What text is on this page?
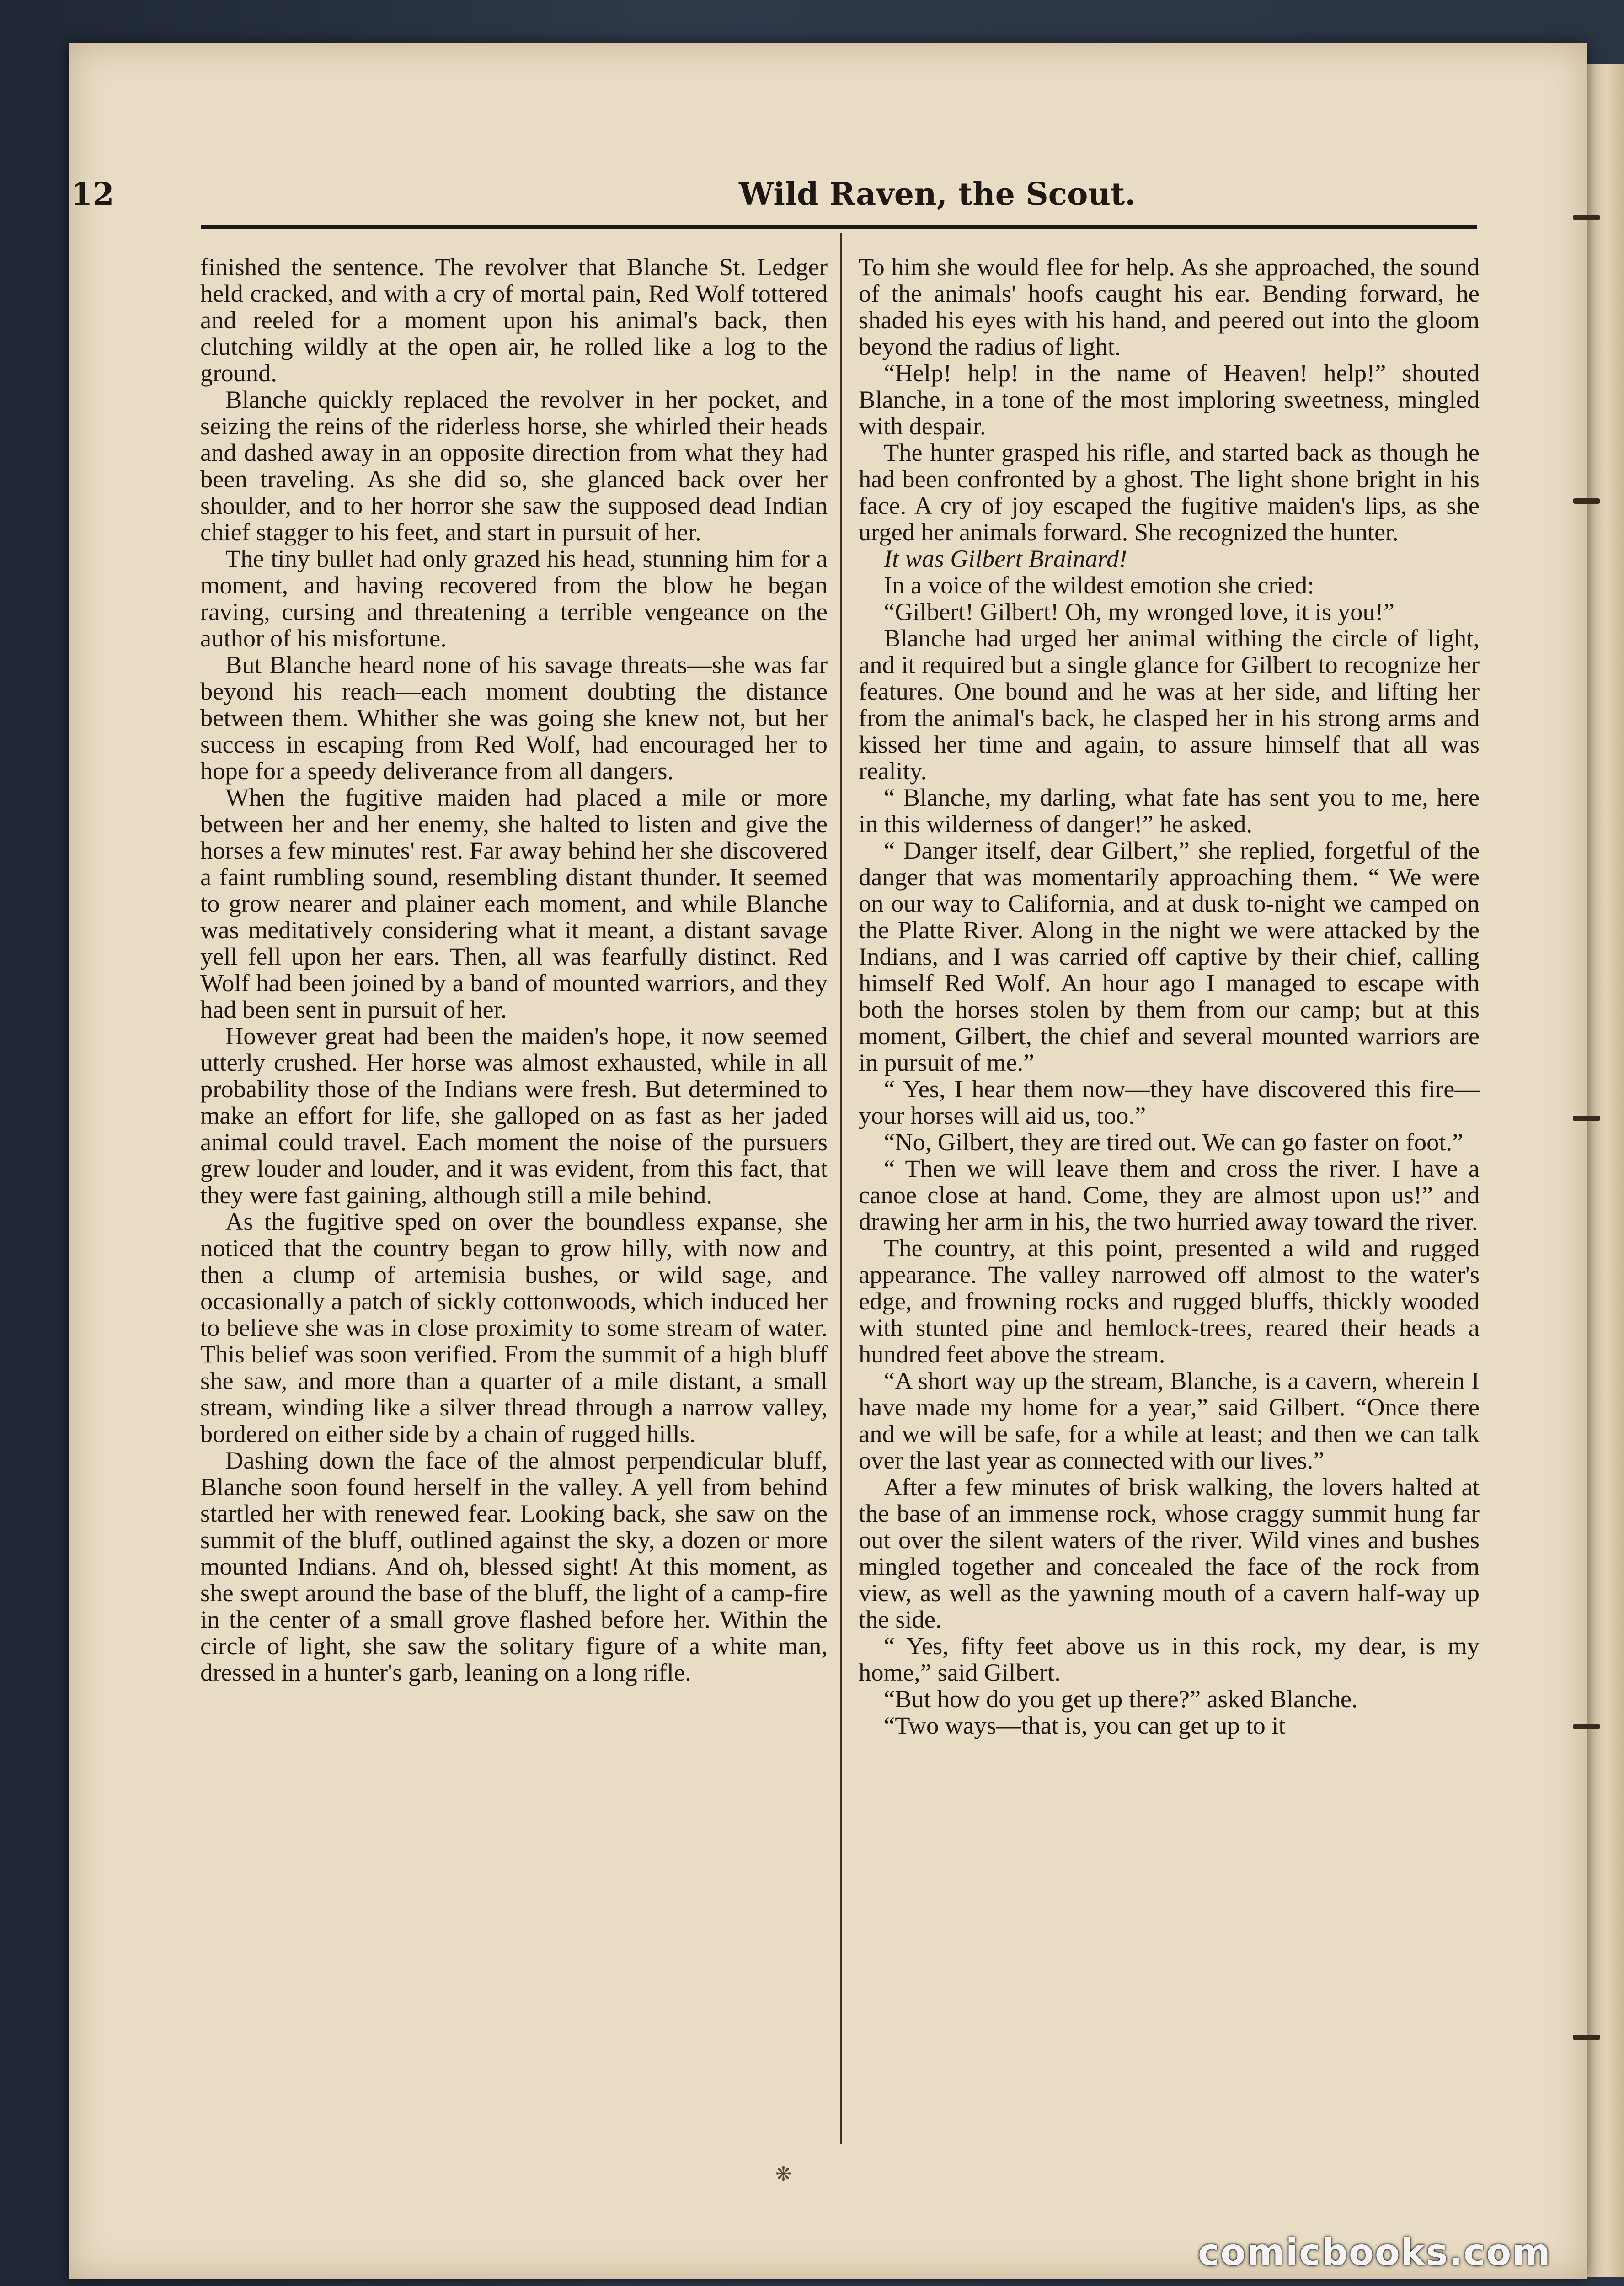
12	Wild Raven, the Scout.

finished the sentence. The revolver that Blanche St. Ledger held cracked, and with a cry of mortal pain, Red Wolf tottered and reeled for a moment upon his animal's back, then clutching wildly at the open air, he rolled like a log to the ground.

Blanche quickly replaced the revolver in her pocket, and seizing the reins of the riderless horse, she whirled their heads and dashed away in an opposite direction from what they had been traveling. As she did so, she glanced back over her shoulder, and to her horror she saw the supposed dead Indian chief stagger to his feet, and start in pursuit of her.

The tiny bullet had only grazed his head, stunning him for a moment, and having recovered from the blow he began raving, cursing and threatening a terrible vengeance on the author of his misfortune.

But Blanche heard none of his savage threats—she was far beyond his reach—each moment doubting the distance between them. Whither she was going she knew not, but her success in escaping from Red Wolf, had encouraged her to hope for a speedy deliverance from all dangers.

When the fugitive maiden had placed a mile or more between her and her enemy, she halted to listen and give the horses a few minutes' rest. Far away behind her she discovered a faint rumbling sound, resembling distant thunder. It seemed to grow nearer and plainer each moment, and while Blanche was meditatively considering what it meant, a distant savage yell fell upon her ears. Then, all was fearfully distinct. Red Wolf had been joined by a band of mounted warriors, and they had been sent in pursuit of her.

However great had been the maiden's hope, it now seemed utterly crushed. Her horse was almost exhausted, while in all probability those of the Indians were fresh. But determined to make an effort for life, she galloped on as fast as her jaded animal could travel. Each moment the noise of the pursuers grew louder and louder, and it was evident, from this fact, that they were fast gaining, although still a mile behind.

As the fugitive sped on over the boundless expanse, she noticed that the country began to grow hilly, with now and then a clump of artemisia bushes, or wild sage, and occasionally a patch of sickly cottonwoods, which induced her to believe she was in close proximity to some stream of water. This belief was soon verified. From the summit of a high bluff she saw, and more than a quarter of a mile distant, a small stream, winding like a silver thread through a narrow valley, bordered on either side by a chain of rugged hills.

Dashing down the face of the almost perpendicular bluff, Blanche soon found herself in the valley. A yell from behind startled her with renewed fear. Looking back, she saw on the summit of the bluff, outlined against the sky, a dozen or more mounted Indians. And oh, blessed sight! At this moment, as she swept around the base of the bluff, the light of a camp-fire in the center of a small grove flashed before her. Within the circle of light, she saw the solitary figure of a white man, dressed in a hunter's garb, leaning on a long rifle.

To him she would flee for help. As she approached, the sound of the animals' hoofs caught his ear. Bending forward, he shaded his eyes with his hand, and peered out into the gloom beyond the radius of light.

“Help! help! in the name of Heaven! help!” shouted Blanche, in a tone of the most imploring sweetness, mingled with despair.

The hunter grasped his rifle, and started back as though he had been confronted by a ghost. The light shone bright in his face. A cry of joy escaped the fugitive maiden's lips, as she urged her animals forward. She recognized the hunter.

It was Gilbert Brainard!

In a voice of the wildest emotion she cried:

“Gilbert! Gilbert! Oh, my wronged love, it is you!”

Blanche had urged her animal withing the circle of light, and it required but a single glance for Gilbert to recognize her features. One bound and he was at her side, and lifting her from the animal's back, he clasped her in his strong arms and kissed her time and again, to assure himself that all was reality.

“ Blanche, my darling, what fate has sent you to me, here in this wilderness of danger!” he asked.

“ Danger itself, dear Gilbert,” she replied, forgetful of the danger that was momentarily approaching them. “ We were on our way to California, and at dusk to-night we camped on the Platte River. Along in the night we were attacked by the Indians, and I was carried off captive by their chief, calling himself Red Wolf. An hour ago I managed to escape with both the horses stolen by them from our camp; but at this moment, Gilbert, the chief and several mounted warriors are in pursuit of me.”

“ Yes, I hear them now—they have discovered this fire—your horses will aid us, too.”

“No, Gilbert, they are tired out. We can go faster on foot.”

“ Then we will leave them and cross the river. I have a canoe close at hand. Come, they are almost upon us!” and drawing her arm in his, the two hurried away toward the river.

The country, at this point, presented a wild and rugged appearance. The valley narrowed off almost to the water's edge, and frowning rocks and rugged bluffs, thickly wooded with stunted pine and hemlock-trees, reared their heads a hundred feet above the stream.

“A short way up the stream, Blanche, is a cavern, wherein I have made my home for a year,” said Gilbert. “Once there and we will be safe, for a while at least; and then we can talk over the last year as connected with our lives.”

After a few minutes of brisk walking, the lovers halted at the base of an immense rock, whose craggy summit hung far out over the silent waters of the river. Wild vines and bushes mingled together and concealed the face of the rock from view, as well as the yawning mouth of a cavern half-way up the side.

“ Yes, fifty feet above us in this rock, my dear, is my home,” said Gilbert.

“But how do you get up there?” asked Blanche.

“Two ways—that is, you can get up to it

❋
comicbooks.com
